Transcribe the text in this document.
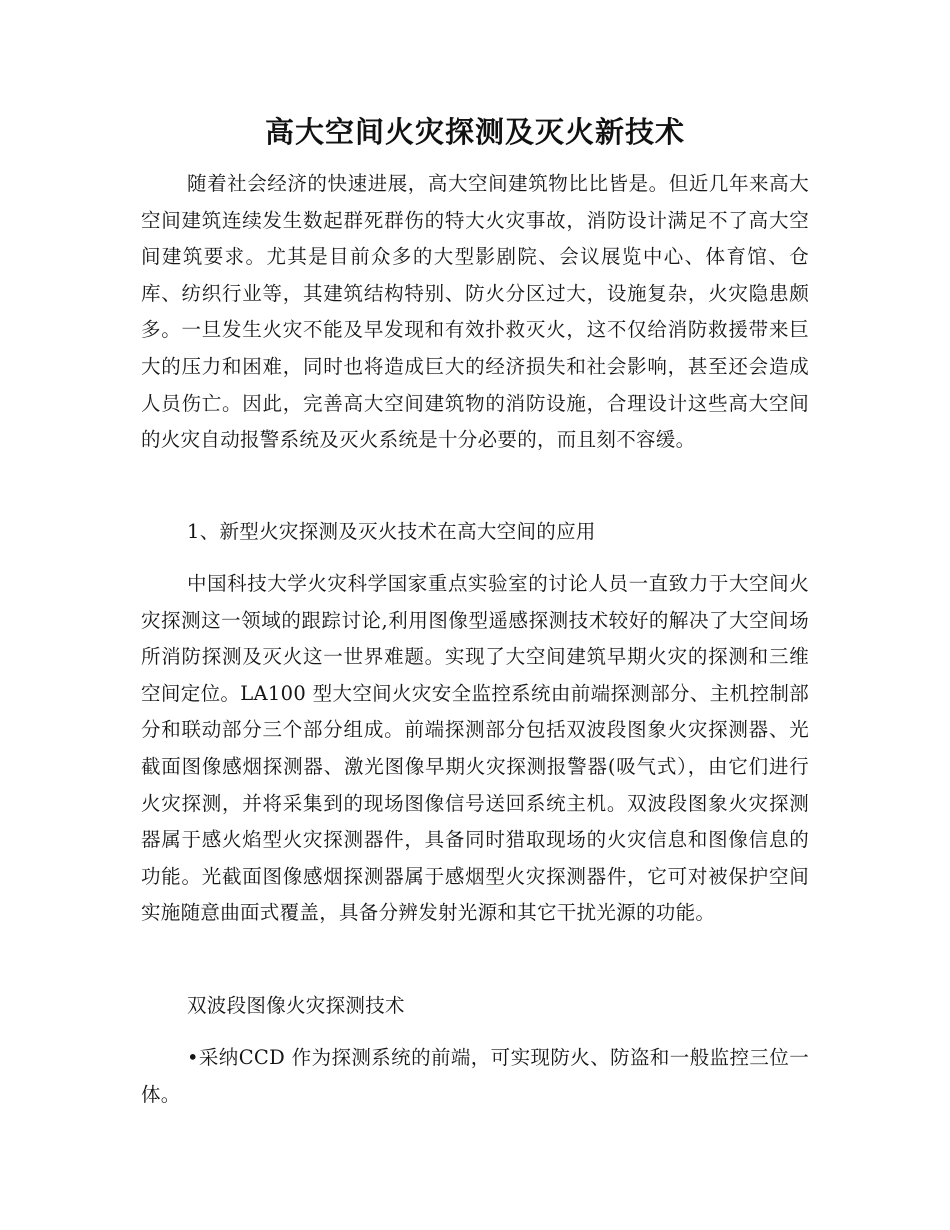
高大空间火灾探测及灭火新技术

随着社会经济的快速进展，高大空间建筑物比比皆是。但近几年来高大空间建筑连续发生数起群死群伤的特大火灾事故，消防设计满足不了高大空间建筑要求。尤其是目前众多的大型影剧院、会议展览中心、体育馆、仓库、纺织行业等，其建筑结构特别、防火分区过大，设施复杂，火灾隐患颇多。一旦发生火灾不能及早发现和有效扑救灭火，这不仅给消防救援带来巨大的压力和困难，同时也将造成巨大的经济损失和社会影响，甚至还会造成人员伤亡。因此，完善高大空间建筑物的消防设施，合理设计这些高大空间的火灾自动报警系统及灭火系统是十分必要的，而且刻不容缓。

1、新型火灾探测及灭火技术在高大空间的应用

中国科技大学火灾科学国家重点实验室的讨论人员一直致力于大空间火灾探测这一领域的跟踪讨论,利用图像型遥感探测技术较好的解决了大空间场所消防探测及灭火这一世界难题。实现了大空间建筑早期火灾的探测和三维空间定位。LA100 型大空间火灾安全监控系统由前端探测部分、主机控制部分和联动部分三个部分组成。前端探测部分包括双波段图象火灾探测器、光截面图像感烟探测器、激光图像早期火灾探测报警器(吸气式），由它们进行火灾探测，并将采集到的现场图像信号送回系统主机。双波段图象火灾探测器属于感火焰型火灾探测器件，具备同时猎取现场的火灾信息和图像信息的功能。光截面图像感烟探测器属于感烟型火灾探测器件，它可对被保护空间实施随意曲面式覆盖，具备分辨发射光源和其它干扰光源的功能。

双波段图像火灾探测技术

•采纳CCD 作为探测系统的前端，可实现防火、防盗和一般监控三位一体。
